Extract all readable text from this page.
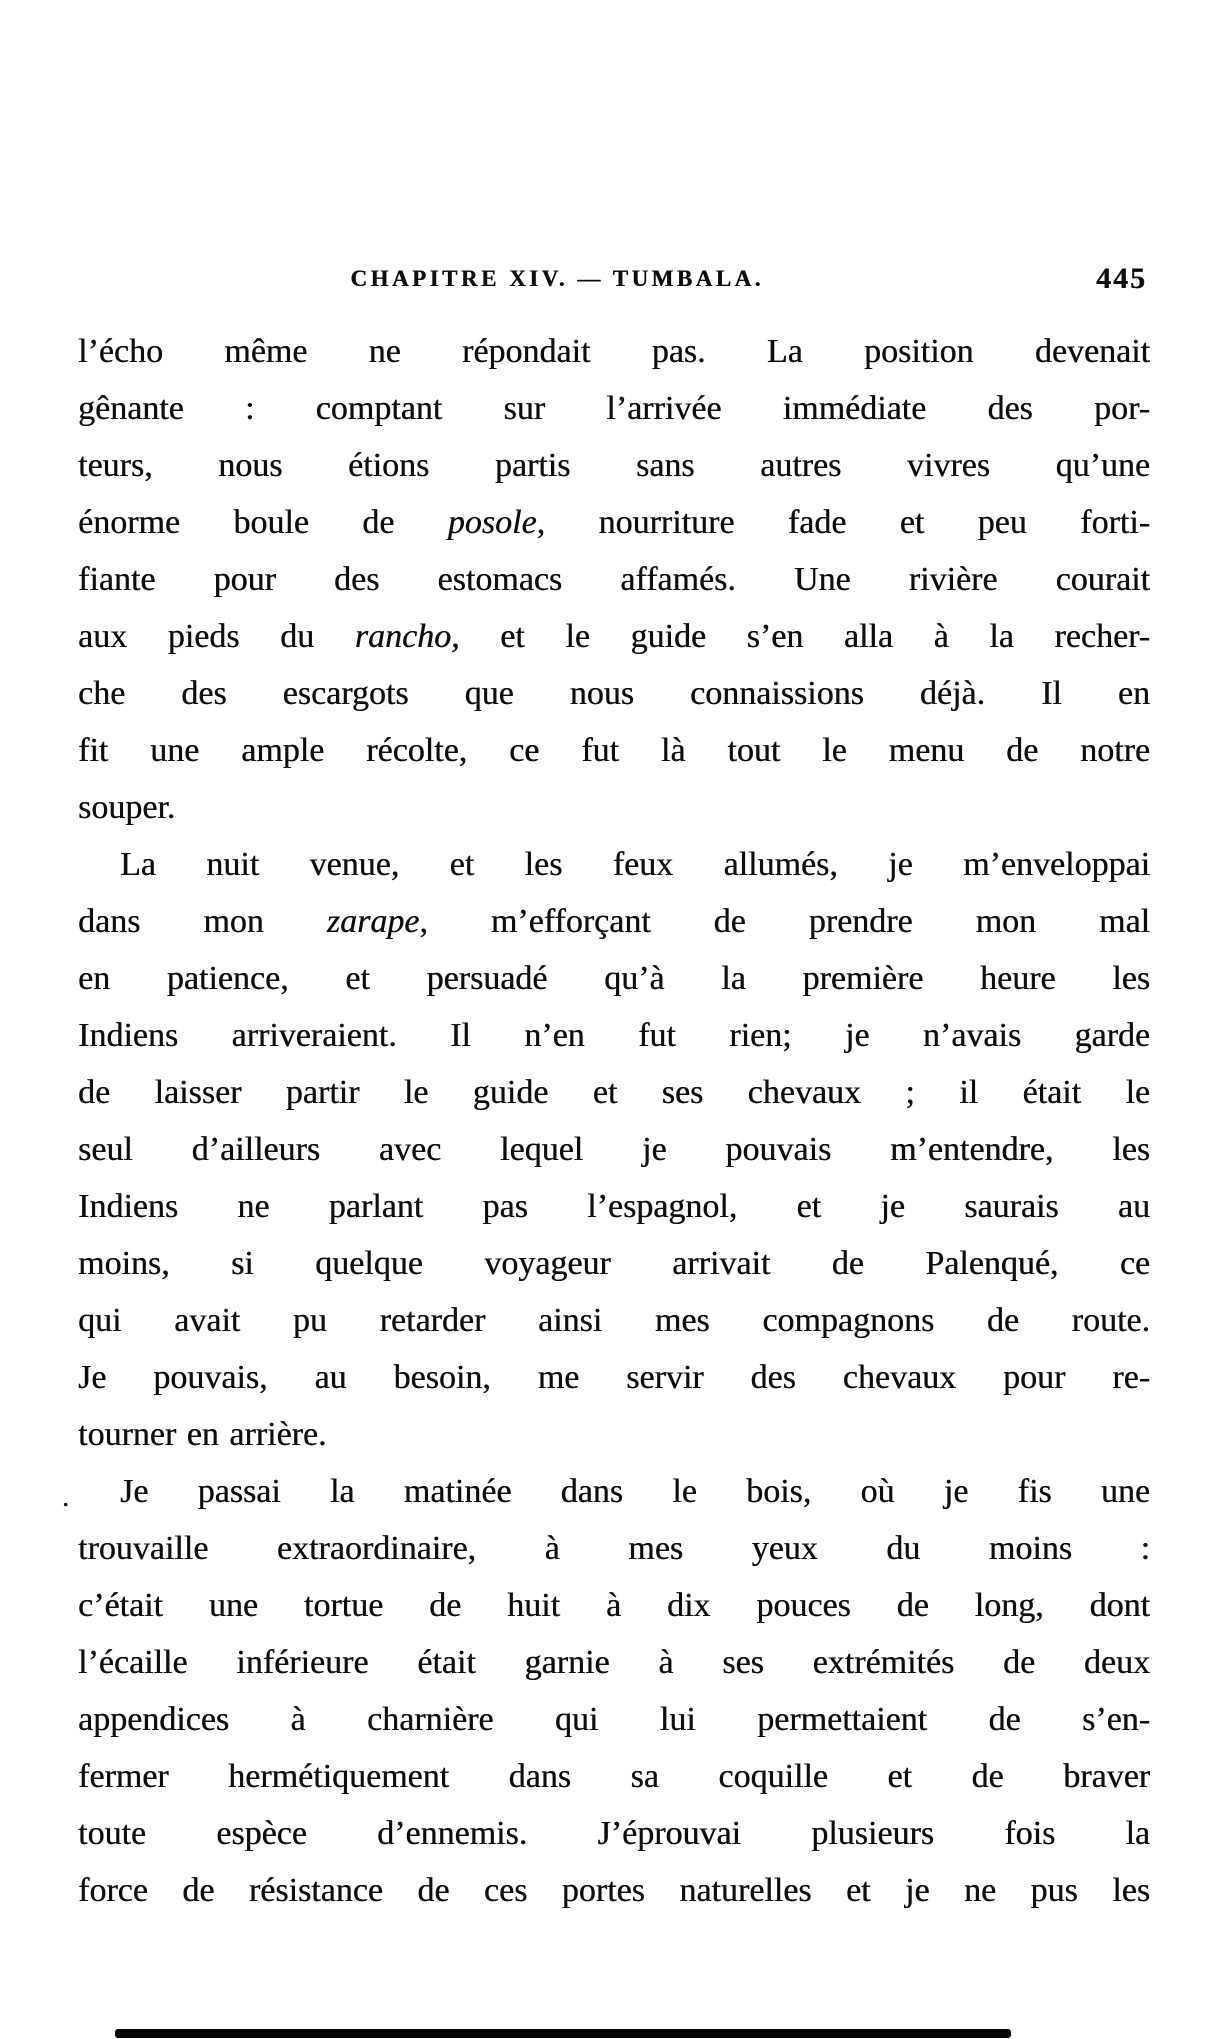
CHAPITRE XIV. — TUMBALA.	445
l’écho même ne répondait pas. La position devenait
gênante : comptant sur l’arrivée immédiate des por-
teurs, nous étions partis sans autres vivres qu’une
énorme boule de posole, nourriture fade et peu forti-
fiante pour des estomacs affamés. Une rivière courait
aux pieds du rancho, et le guide s’en alla à la recher-
che des escargots que nous connaissions déjà. Il en
fit une ample récolte, ce fut là tout le menu de notre
souper.
La nuit venue, et les feux allumés, je m’enveloppai
dans mon zarape, m’efforçant de prendre mon mal
en patience, et persuadé qu’à la première heure les
Indiens arriveraient. Il n’en fut rien; je n’avais garde
de laisser partir le guide et ses chevaux ; il était le
seul d’ailleurs avec lequel je pouvais m’entendre, les
Indiens ne parlant pas l’espagnol, et je saurais au
moins, si quelque voyageur arrivait de Palenqué, ce
qui avait pu retarder ainsi mes compagnons de route.
Je pouvais, au besoin, me servir des chevaux pour re-
tourner en arrière.
Je passai la matinée dans le bois, où je fis une
trouvaille extraordinaire, à mes yeux du moins :
c’était une tortue de huit à dix pouces de long, dont
l’écaille inférieure était garnie à ses extrémités de deux
appendices à charnière qui lui permettaient de s’en-
fermer hermétiquement dans sa coquille et de braver
toute espèce d’ennemis. J’éprouvai plusieurs fois la
force de résistance de ces portes naturelles et je ne pus les
.
